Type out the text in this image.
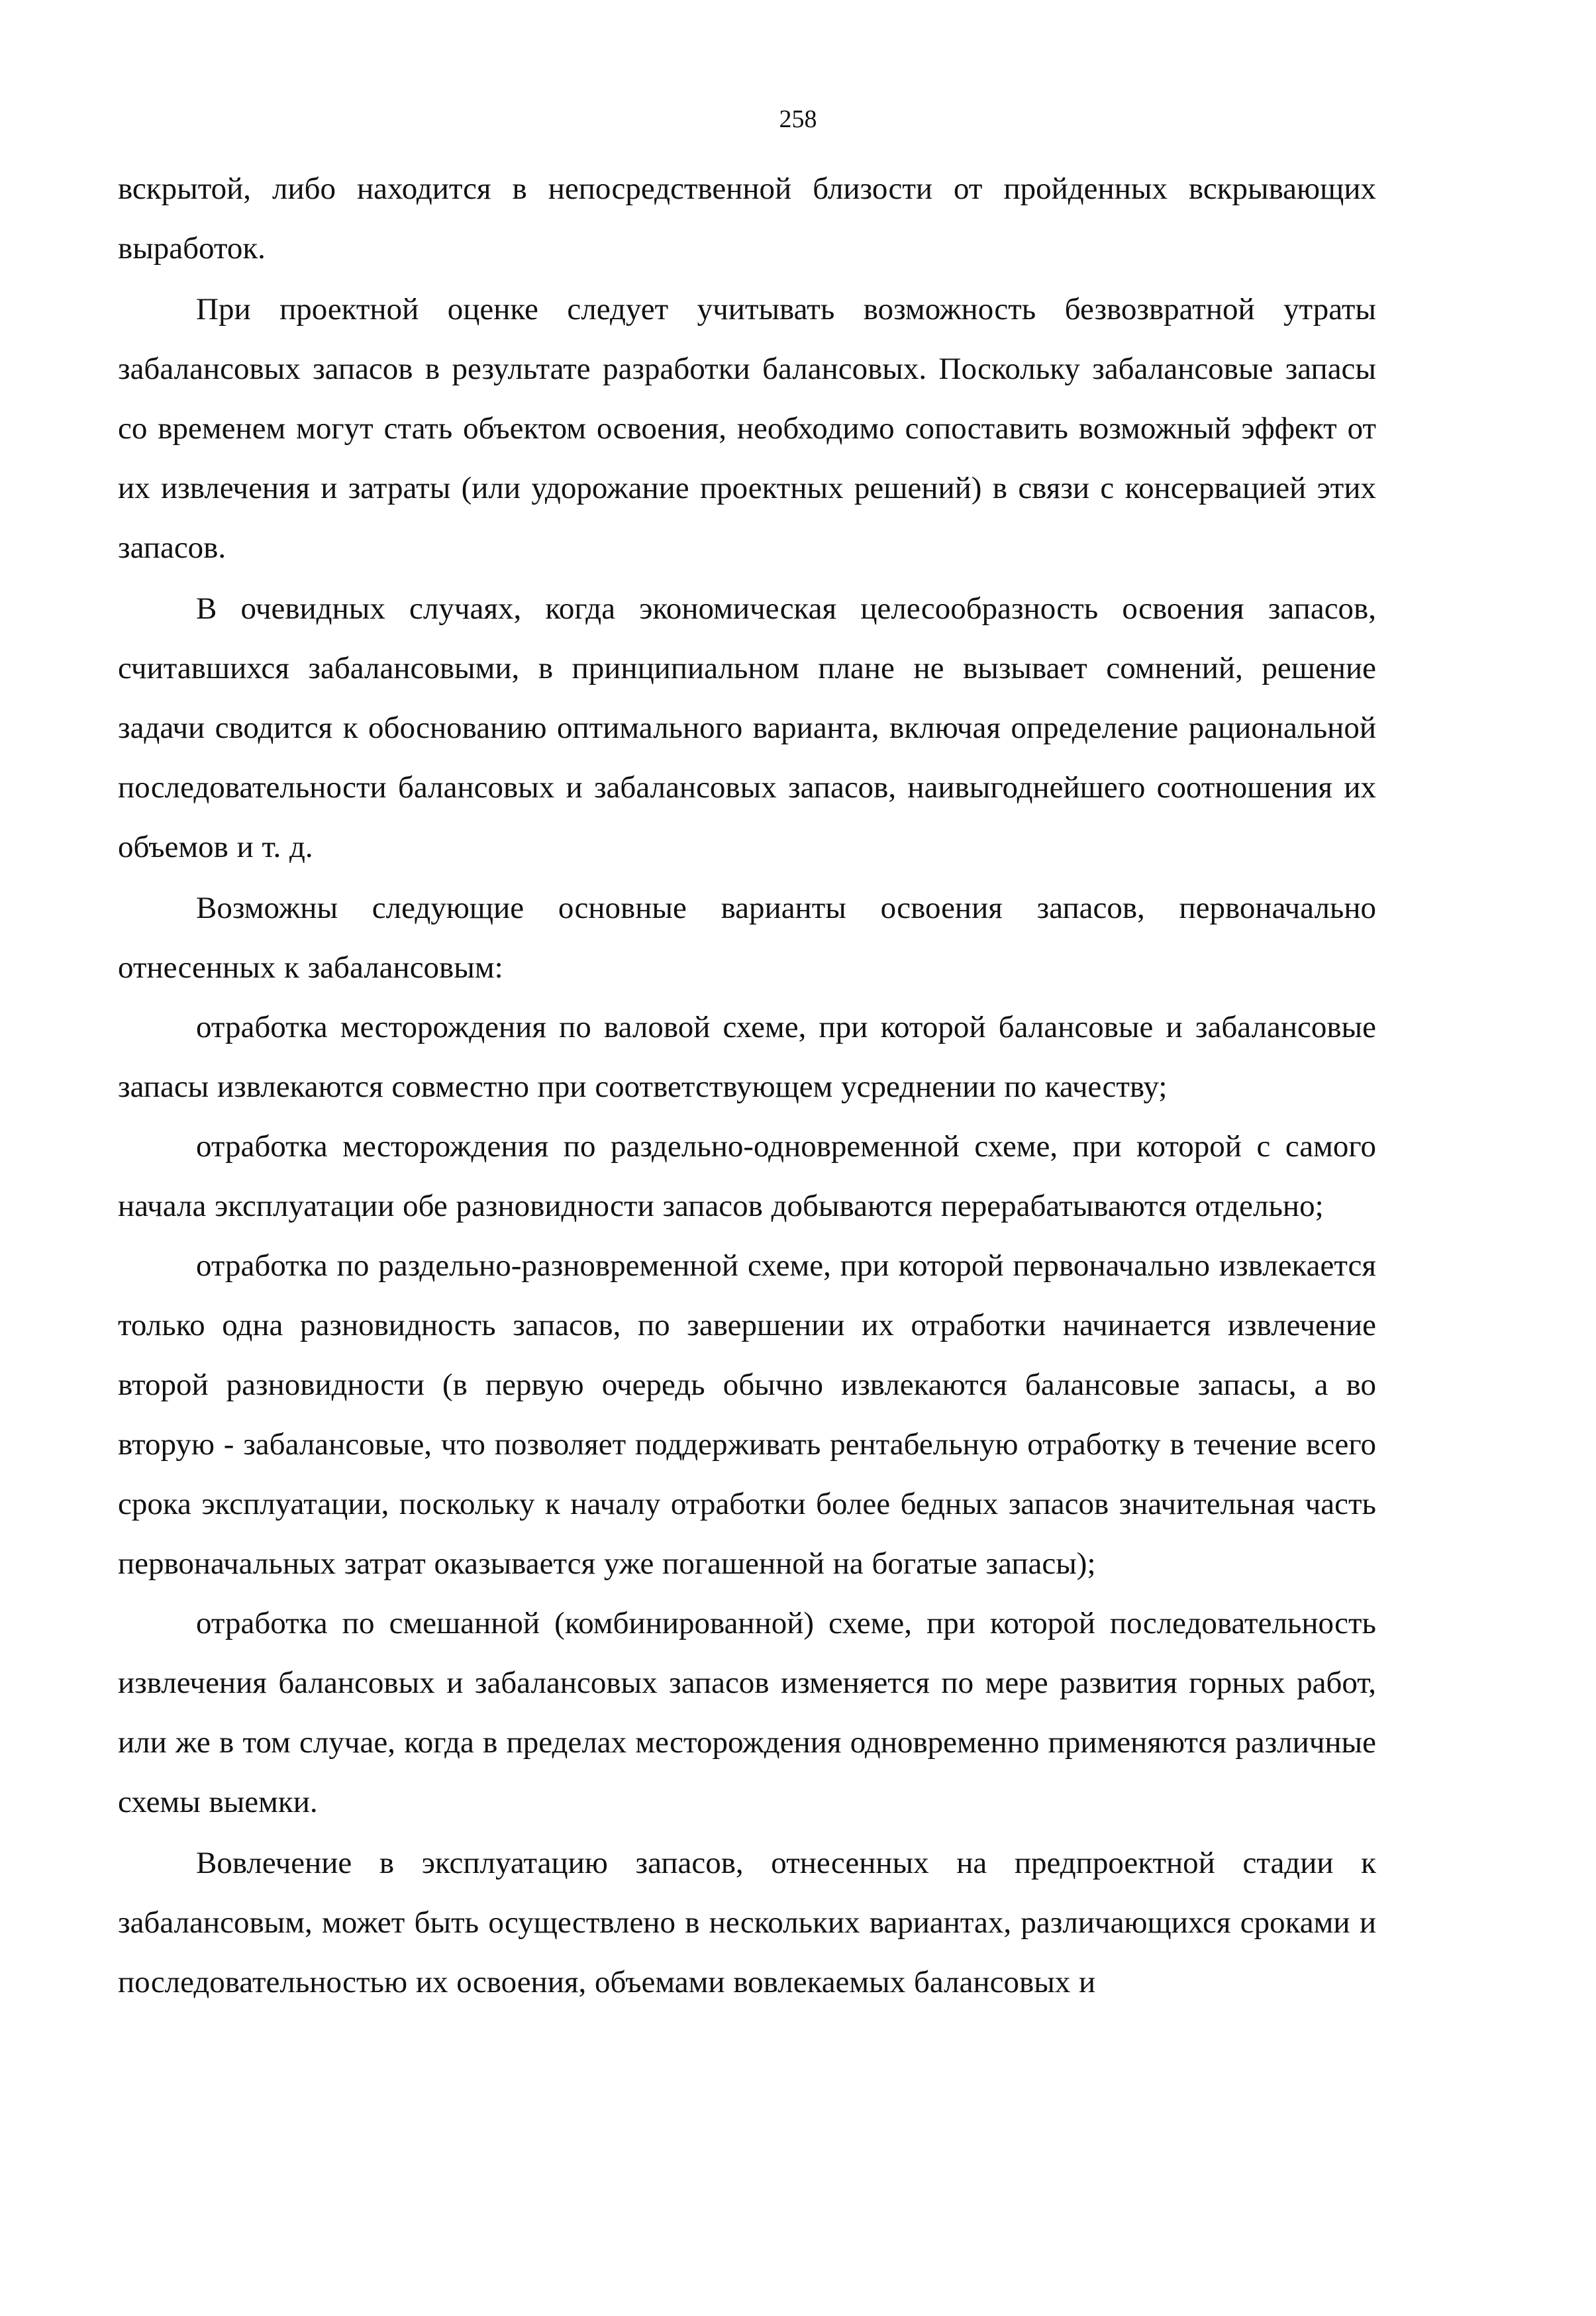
258

вскрытой, либо находится в непосредственной близости от пройденных вскрывающих выработок.

При проектной оценке следует учитывать возможность безвозвратной утраты забалансовых запасов в результате разработки балансовых. Поскольку забалансовые запасы со временем могут стать объектом освоения, необходимо сопоставить возможный эффект от их извлечения и затраты (или удорожание проектных решений) в связи с консервацией этих запасов.

В очевидных случаях, когда экономическая целесообразность освоения запасов, считавшихся забалансовыми, в принципиальном плане не вызывает сомнений, решение задачи сводится к обоснованию оптимального варианта, включая определение рациональной последовательности балансовых и забалансовых запасов, наивыгоднейшего соотношения их объемов и т. д.

Возможны следующие основные варианты освоения запасов, первоначально отнесенных к забалансовым:

отработка месторождения по валовой схеме, при которой балансовые и забалансовые запасы извлекаются совместно при соответствующем усреднении по качеству;

отработка месторождения по раздельно-одновременной схеме, при которой с самого начала эксплуатации обе разновидности запасов добываются перерабатываются отдельно;

отработка по раздельно-разновременной схеме, при которой первоначально извлекается только одна разновидность запасов, по завершении их отработки начинается извлечение второй разновидности (в первую очередь обычно извлекаются балансовые запасы, а во вторую - забалансовые, что позволяет поддерживать рентабельную отработку в течение всего срока эксплуатации, поскольку к началу отработки более бедных запасов значительная часть первоначальных затрат оказывается уже погашенной на богатые запасы);

отработка по смешанной (комбинированной) схеме, при которой последовательность извлечения балансовых и забалансовых запасов изменяется по мере развития горных работ, или же в том случае, когда в пределах месторождения одновременно применяются различные схемы выемки.

Вовлечение в эксплуатацию запасов, отнесенных на предпроектной стадии к забалансовым, может быть осуществлено в нескольких вариантах, различающихся сроками и последовательностью их освоения, объемами вовлекаемых балансовых и
